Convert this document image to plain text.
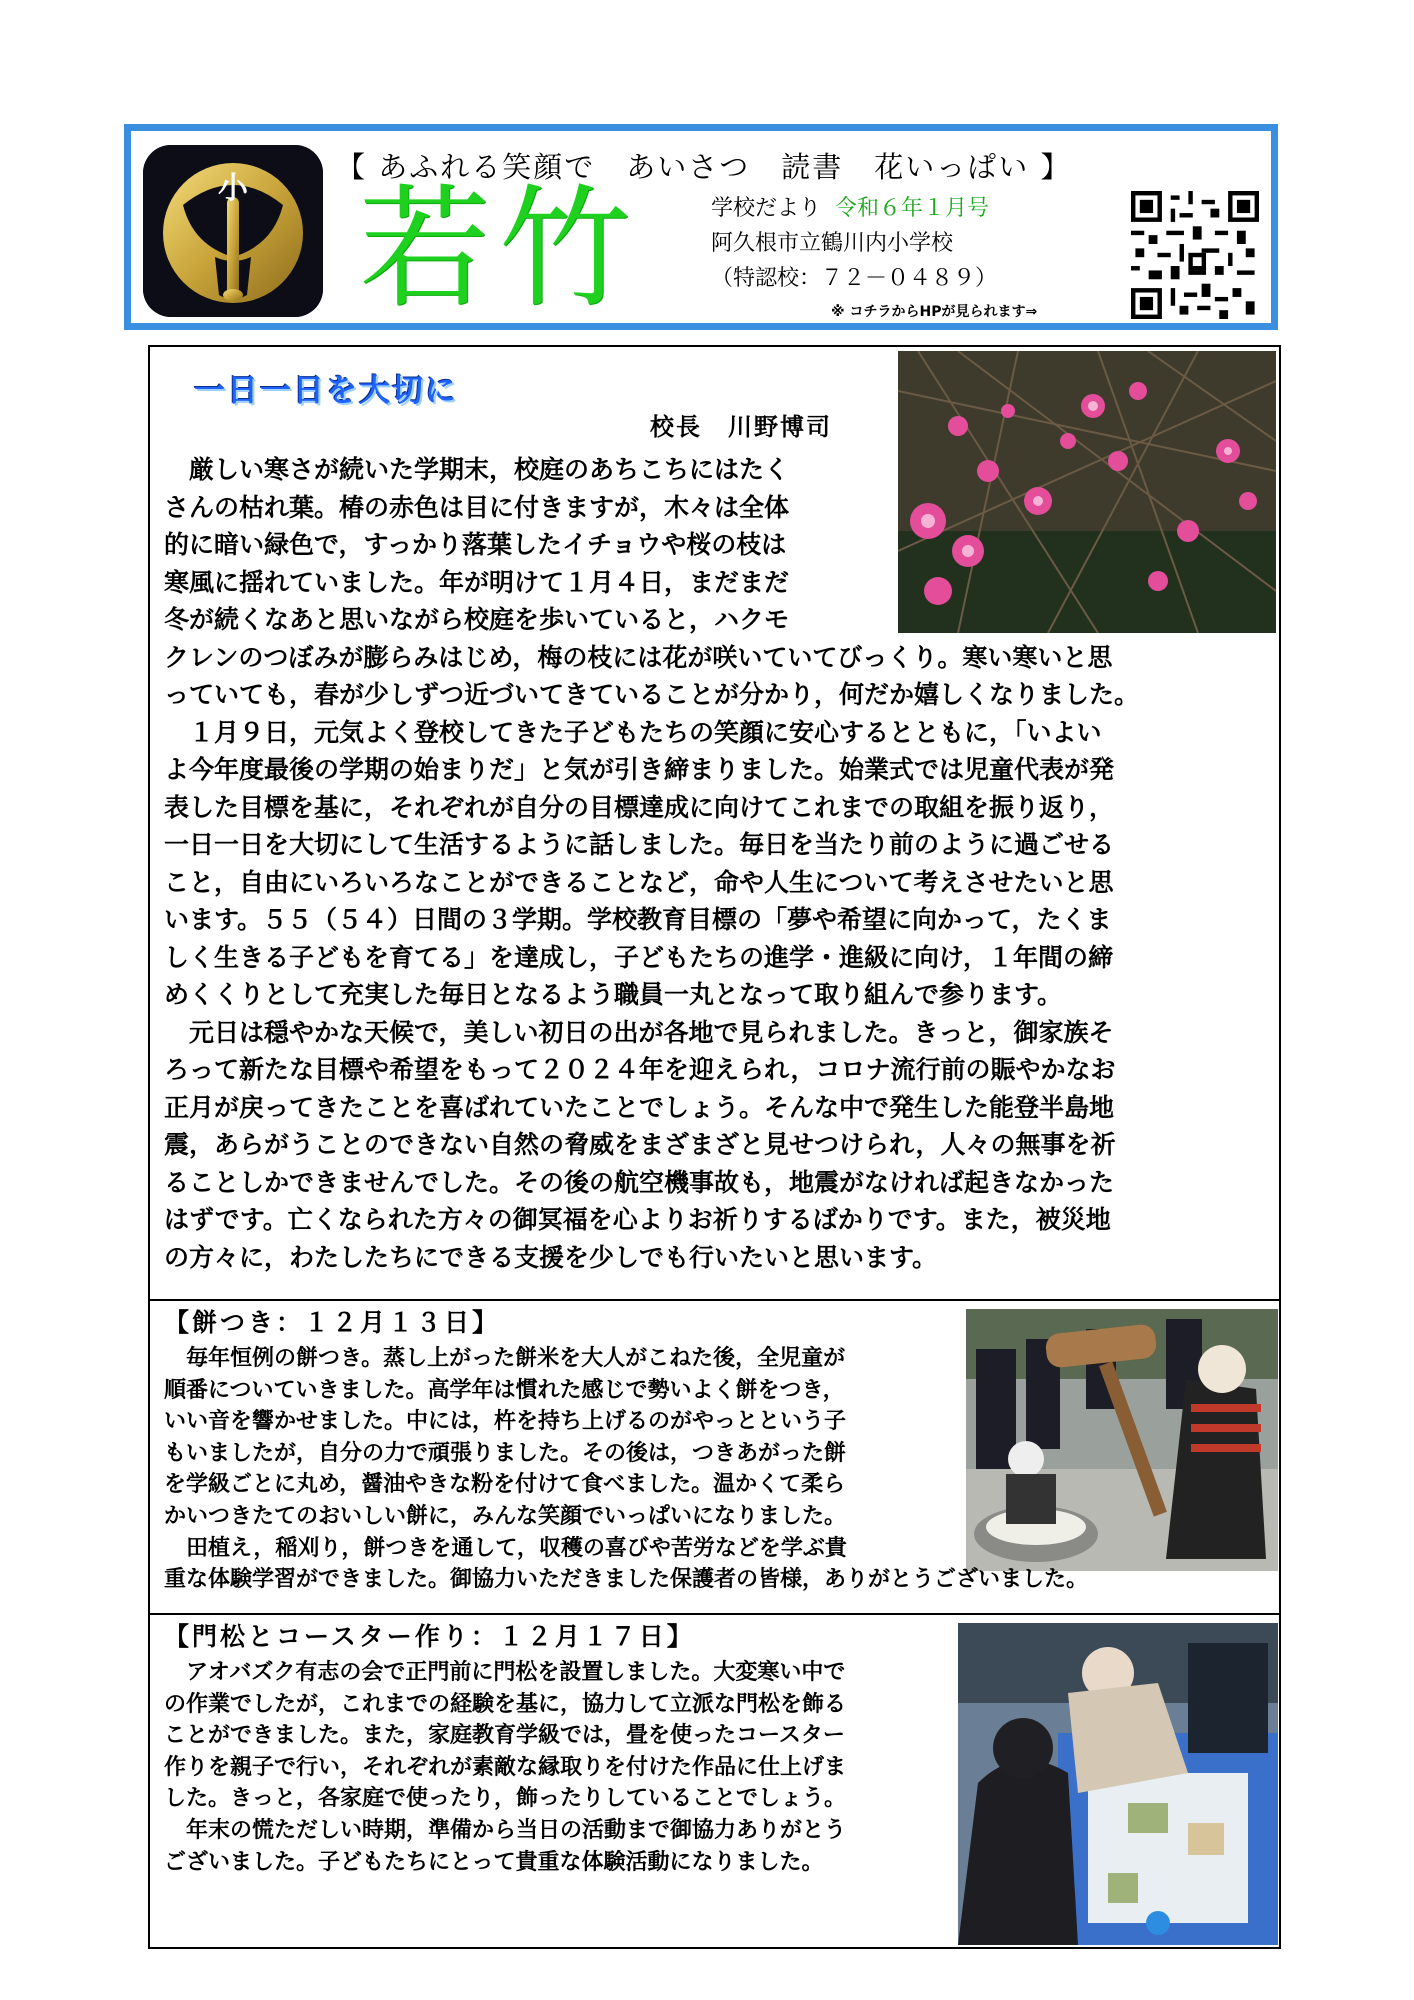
小
【 あふれる笑顔で　あいさつ　読書　花いっぱい 】
若竹	学校だより 令和６年１月号
阿久根市立鶴川内小学校
（特認校：７２－０４８９）
※ コチラからHPが見られます⇒
一日一日を大切に
校長　川野博司
　厳しい寒さが続いた学期末，校庭のあちこちにはたく
さんの枯れ葉。椿の赤色は目に付きますが，木々は全体
的に暗い緑色で，すっかり落葉したイチョウや桜の枝は
寒風に揺れていました。年が明けて１月４日，まだまだ
冬が続くなあと思いながら校庭を歩いていると，ハクモ
クレンのつぼみが膨らみはじめ，梅の枝には花が咲いていてびっくり。寒い寒いと思
っていても，春が少しずつ近づいてきていることが分かり，何だか嬉しくなりました。
　１月９日，元気よく登校してきた子どもたちの笑顔に安心するとともに，「いよい
よ今年度最後の学期の始まりだ」と気が引き締まりました。始業式では児童代表が発
表した目標を基に，それぞれが自分の目標達成に向けてこれまでの取組を振り返り，
一日一日を大切にして生活するように話しました。毎日を当たり前のように過ごせる
こと，自由にいろいろなことができることなど，命や人生について考えさせたいと思
います。５５（５４）日間の３学期。学校教育目標の「夢や希望に向かって，たくま
しく生きる子どもを育てる」を達成し，子どもたちの進学・進級に向け，１年間の締
めくくりとして充実した毎日となるよう職員一丸となって取り組んで参ります。
　元日は穏やかな天候で，美しい初日の出が各地で見られました。きっと，御家族そ
ろって新たな目標や希望をもって２０２４年を迎えられ，コロナ流行前の賑やかなお
正月が戻ってきたことを喜ばれていたことでしょう。そんな中で発生した能登半島地
震，あらがうことのできない自然の脅威をまざまざと見せつけられ，人々の無事を祈
ることしかできませんでした。その後の航空機事故も，地震がなければ起きなかった
はずです。亡くなられた方々の御冥福を心よりお祈りするばかりです。また，被災地
の方々に，わたしたちにできる支援を少しでも行いたいと思います。
【餅つき：１２月１３日】
　毎年恒例の餅つき。蒸し上がった餅米を大人がこねた後，全児童が
順番についていきました。高学年は慣れた感じで勢いよく餅をつき，
いい音を響かせました。中には，杵を持ち上げるのがやっとという子
もいましたが，自分の力で頑張りました。その後は，つきあがった餅
を学級ごとに丸め，醤油やきな粉を付けて食べました。温かくて柔ら
かいつきたてのおいしい餅に，みんな笑顔でいっぱいになりました。
　田植え，稲刈り，餅つきを通して，収穫の喜びや苦労などを学ぶ貴
重な体験学習ができました。御協力いただきました保護者の皆様，ありがとうございました。
【門松とコースター作り：１２月１７日】
　アオバズク有志の会で正門前に門松を設置しました。大変寒い中で
の作業でしたが，これまでの経験を基に，協力して立派な門松を飾る
ことができました。また，家庭教育学級では，畳を使ったコースター
作りを親子で行い，それぞれが素敵な縁取りを付けた作品に仕上げま
した。きっと，各家庭で使ったり，飾ったりしていることでしょう。
　年末の慌ただしい時期，準備から当日の活動まで御協力ありがとう
ございました。子どもたちにとって貴重な体験活動になりました。
